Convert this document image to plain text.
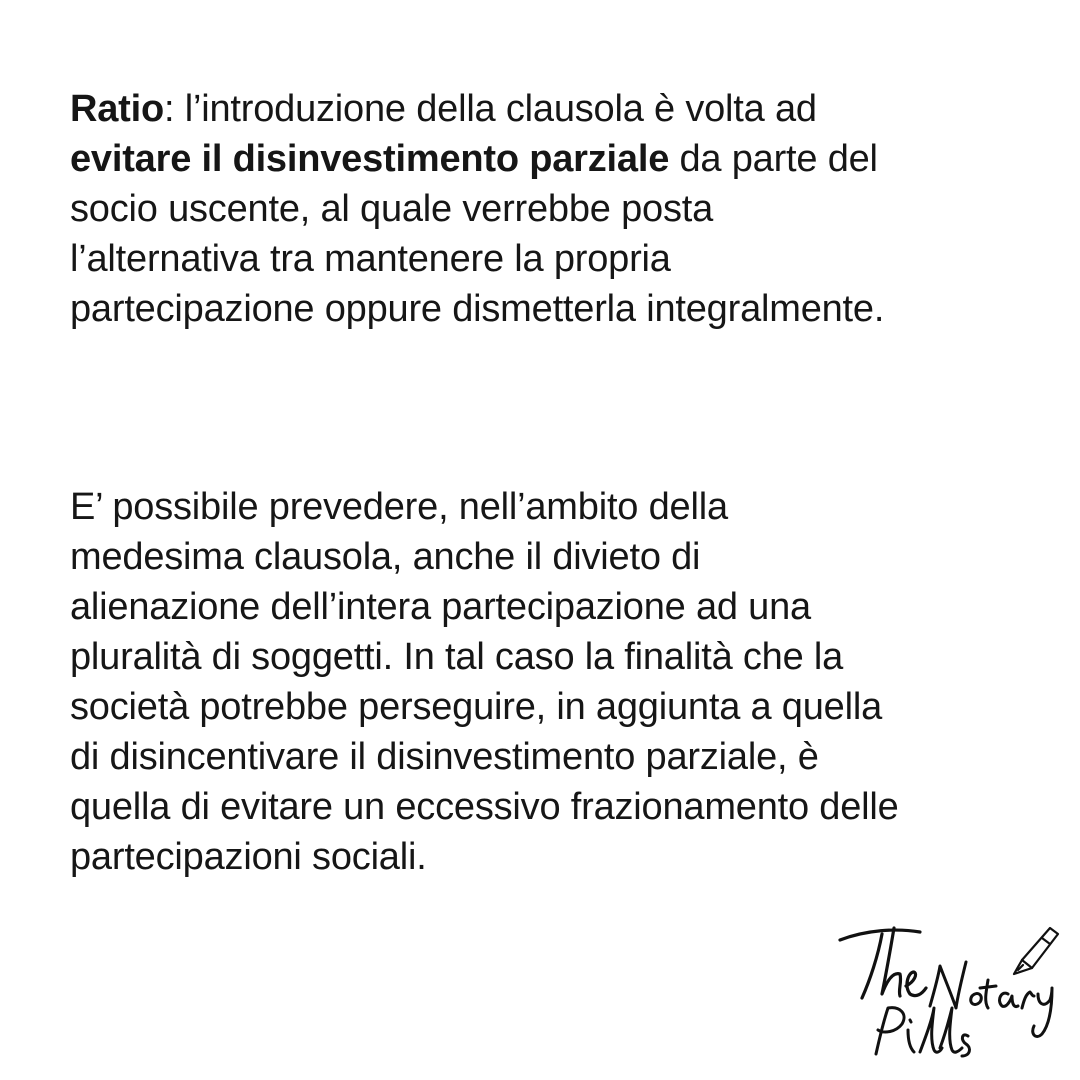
Ratio: l’introduzione della clausola è volta ad
evitare il disinvestimento parziale da parte del
socio uscente, al quale verrebbe posta
l’alternativa tra mantenere la propria
partecipazione oppure dismetterla integralmente.
E’ possibile prevedere, nell’ambito della
medesima clausola, anche il divieto di
alienazione dell’intera partecipazione ad una
pluralità di soggetti. In tal caso la finalità che la
società potrebbe perseguire, in aggiunta a quella
di disincentivare il disinvestimento parziale, è
quella di evitare un eccessivo frazionamento delle
partecipazioni sociali.
